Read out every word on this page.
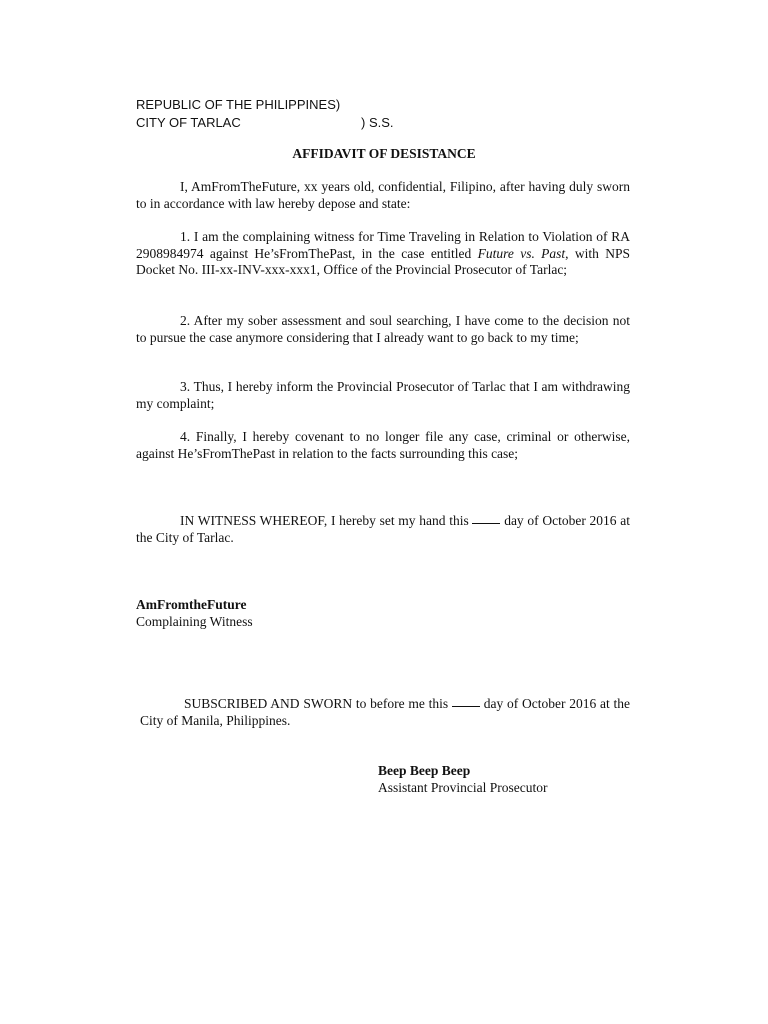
REPUBLIC OF THE PHILIPPINES)
CITY OF TARLAC	) S.S.
AFFIDAVIT OF DESISTANCE

I, AmFromTheFuture, xx years old, confidential, Filipino, after having duly sworn to in accordance with law hereby depose and state:

1. I am the complaining witness for Time Traveling in Relation to Violation of RA 2908984974 against He’sFromThePast, in the case entitled Future vs. Past, with NPS Docket No. III-xx-INV-xxx-xxx1, Office of the Provincial Prosecutor of Tarlac;

2. After my sober assessment and soul searching, I have come to the decision not to pursue the case anymore considering that I already want to go back to my time;

3. Thus, I hereby inform the Provincial Prosecutor of Tarlac that I am withdrawing my complaint;

4. Finally, I hereby covenant to no longer file any case, criminal or otherwise, against He’sFromThePast in relation to the facts surrounding this case;

IN WITNESS WHEREOF, I hereby set my hand this	day of October 2016 at the City of Tarlac.

AmFromtheFuture
Complaining Witness

SUBSCRIBED AND SWORN to before me this	day of October 2016 at the City of Manila, Philippines.

Beep Beep Beep
Assistant Provincial Prosecutor
